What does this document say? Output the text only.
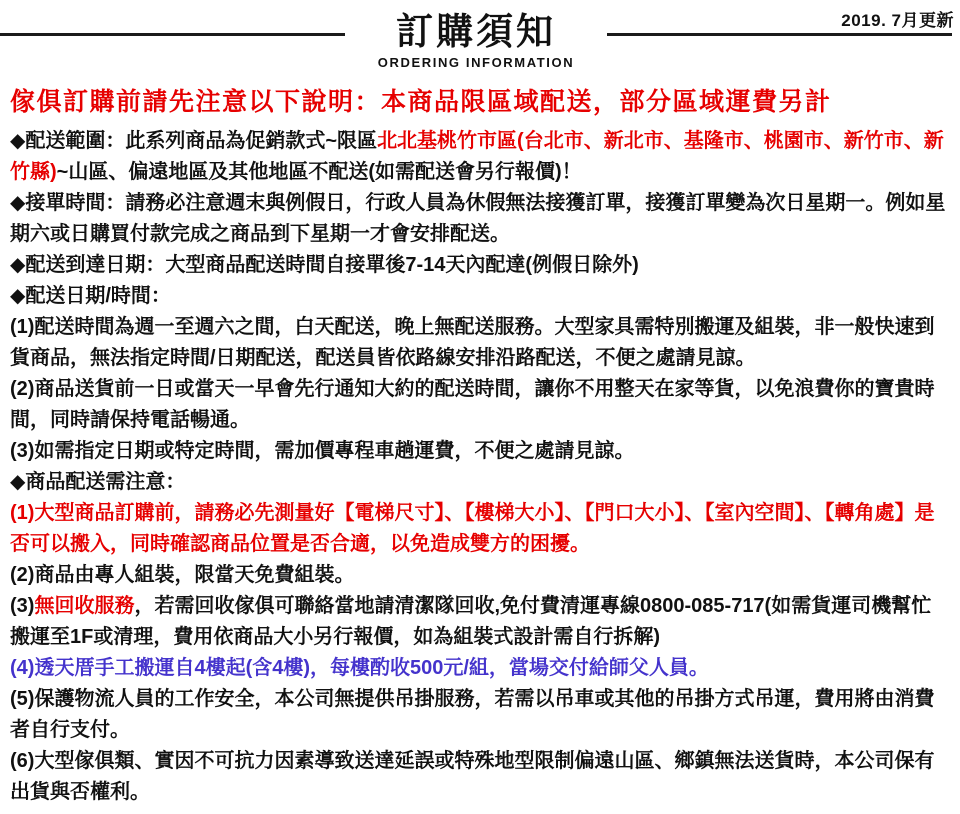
2019. 7月更新
訂購須知
ORDERING INFORMATION
傢俱訂購前請先注意以下說明：本商品限區域配送，部分區域運費另計

◆配送範圍：此系列商品為促銷款式~限區北北基桃竹市區(台北市、新北市、基隆市、桃園市、新竹市、新竹縣)~山區、偏遠地區及其他地區不配送(如需配送會另行報價)！

◆接單時間：請務必注意週末與例假日，行政人員為休假無法接獲訂單，接獲訂單變為次日星期一。例如星期六或日購買付款完成之商品到下星期一才會安排配送。

◆配送到達日期：大型商品配送時間自接單後7-14天內配達(例假日除外)

◆配送日期/時間：

(1)配送時間為週一至週六之間，白天配送，晚上無配送服務。大型家具需特別搬運及組裝，非一般快速到貨商品，無法指定時間/日期配送，配送員皆依路線安排沿路配送，不便之處請見諒。

(2)商品送貨前一日或當天一早會先行通知大約的配送時間，讓你不用整天在家等貨，以免浪費你的寶貴時間，同時請保持電話暢通。

(3)如需指定日期或特定時間，需加價專程車趟運費，不便之處請見諒。

◆商品配送需注意：

(1)大型商品訂購前，請務必先測量好【電梯尺寸】、【樓梯大小】、【門口大小】、【室內空間】、【轉角處】是否可以搬入，同時確認商品位置是否合適，以免造成雙方的困擾。

(2)商品由專人組裝，限當天免費組裝。

(3)無回收服務，若需回收傢俱可聯絡當地請清潔隊回收,免付費清運專線0800-085-717(如需貨運司機幫忙搬運至1F或清理，費用依商品大小另行報價，如為組裝式設計需自行拆解)

(4)透天厝手工搬運自4樓起(含4樓)，每樓酌收500元/組，當場交付給師父人員。

(5)保護物流人員的工作安全，本公司無提供吊掛服務，若需以吊車或其他的吊掛方式吊運，費用將由消費者自行支付。

(6)大型傢俱類、實因不可抗力因素導致送達延誤或特殊地型限制偏遠山區、鄉鎮無法送貨時，本公司保有出貨與否權利。
